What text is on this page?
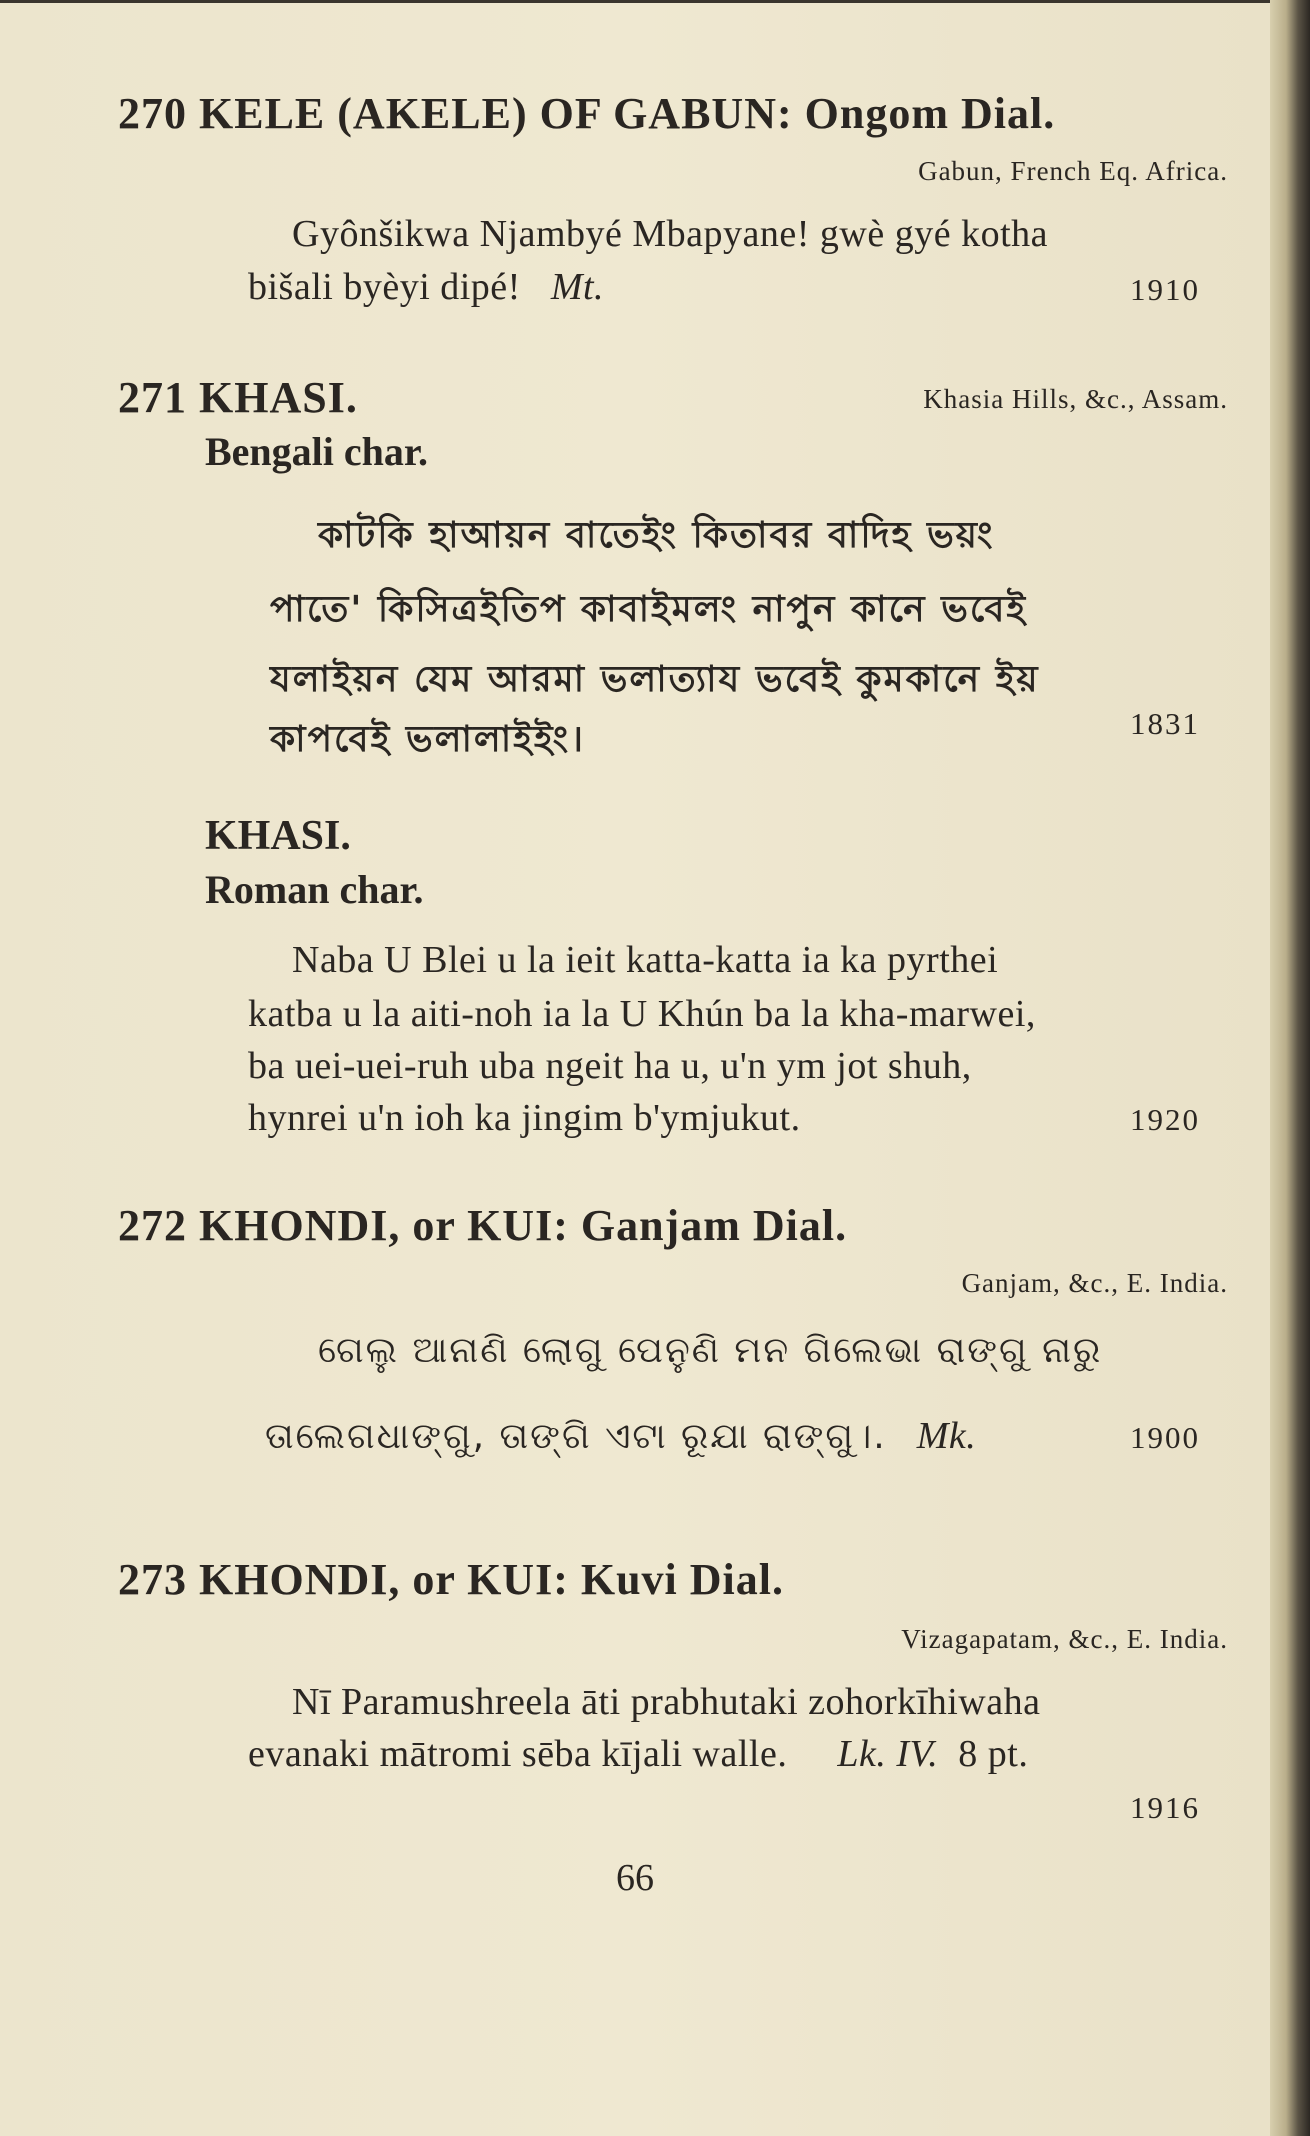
270 KELE (AKELE) OF GABUN: Ongom Dial.
Gabun, French Eq. Africa.
Gyônšikwa Njambyé Mbapyane! gwè gyé kotha
bišali byèyi dipé! Mt.	1910
271 KHASI.	Khasia Hills, &c., Assam.
Bengali char.
কাটকি হাআয়ন বাতেইং কিতাবর বাদিহ ভয়ং
পাতে' কিসিত্রইতিপ কাবাইমলং নাপুন কানে ভবেই
যলাইয়ন যেম আরমা ভলাত্যায ভবেই কুমকানে ইয়
কাপবেই ভলালাইইং।	1831
KHASI.
Roman char.
Naba U Blei u la ieit katta-katta ia ka pyrthei
katba u la aiti-noh ia la U Khún ba la kha-marwei,
ba uei-uei-ruh uba ngeit ha u, u'n ym jot shuh,
hynrei u'n ioh ka jingim b'ymjukut.	1920
272 KHONDI, or KUI: Ganjam Dial.
Ganjam, &c., E. India.
ଗେଲୁ ଆନାଣି ଲୋଗୁ ପେନୁଣି ମନ ଗିଲେଭା ରାଙ୍ଗୁ ନାରୁ
ତାଲେଗଧାଙ୍ଗୁ, ତାଙ୍ଗି ଏଟା ରୂଯା ରାଙ୍ଗୁ।. Mk.	1900
273 KHONDI, or KUI: Kuvi Dial.
Vizagapatam, &c., E. India.
Nī Paramushreela āti prabhutaki zohorkīhiwaha
evanaki mātromi sēba kījali walle. Lk. IV. 8 pt.
1916
66
